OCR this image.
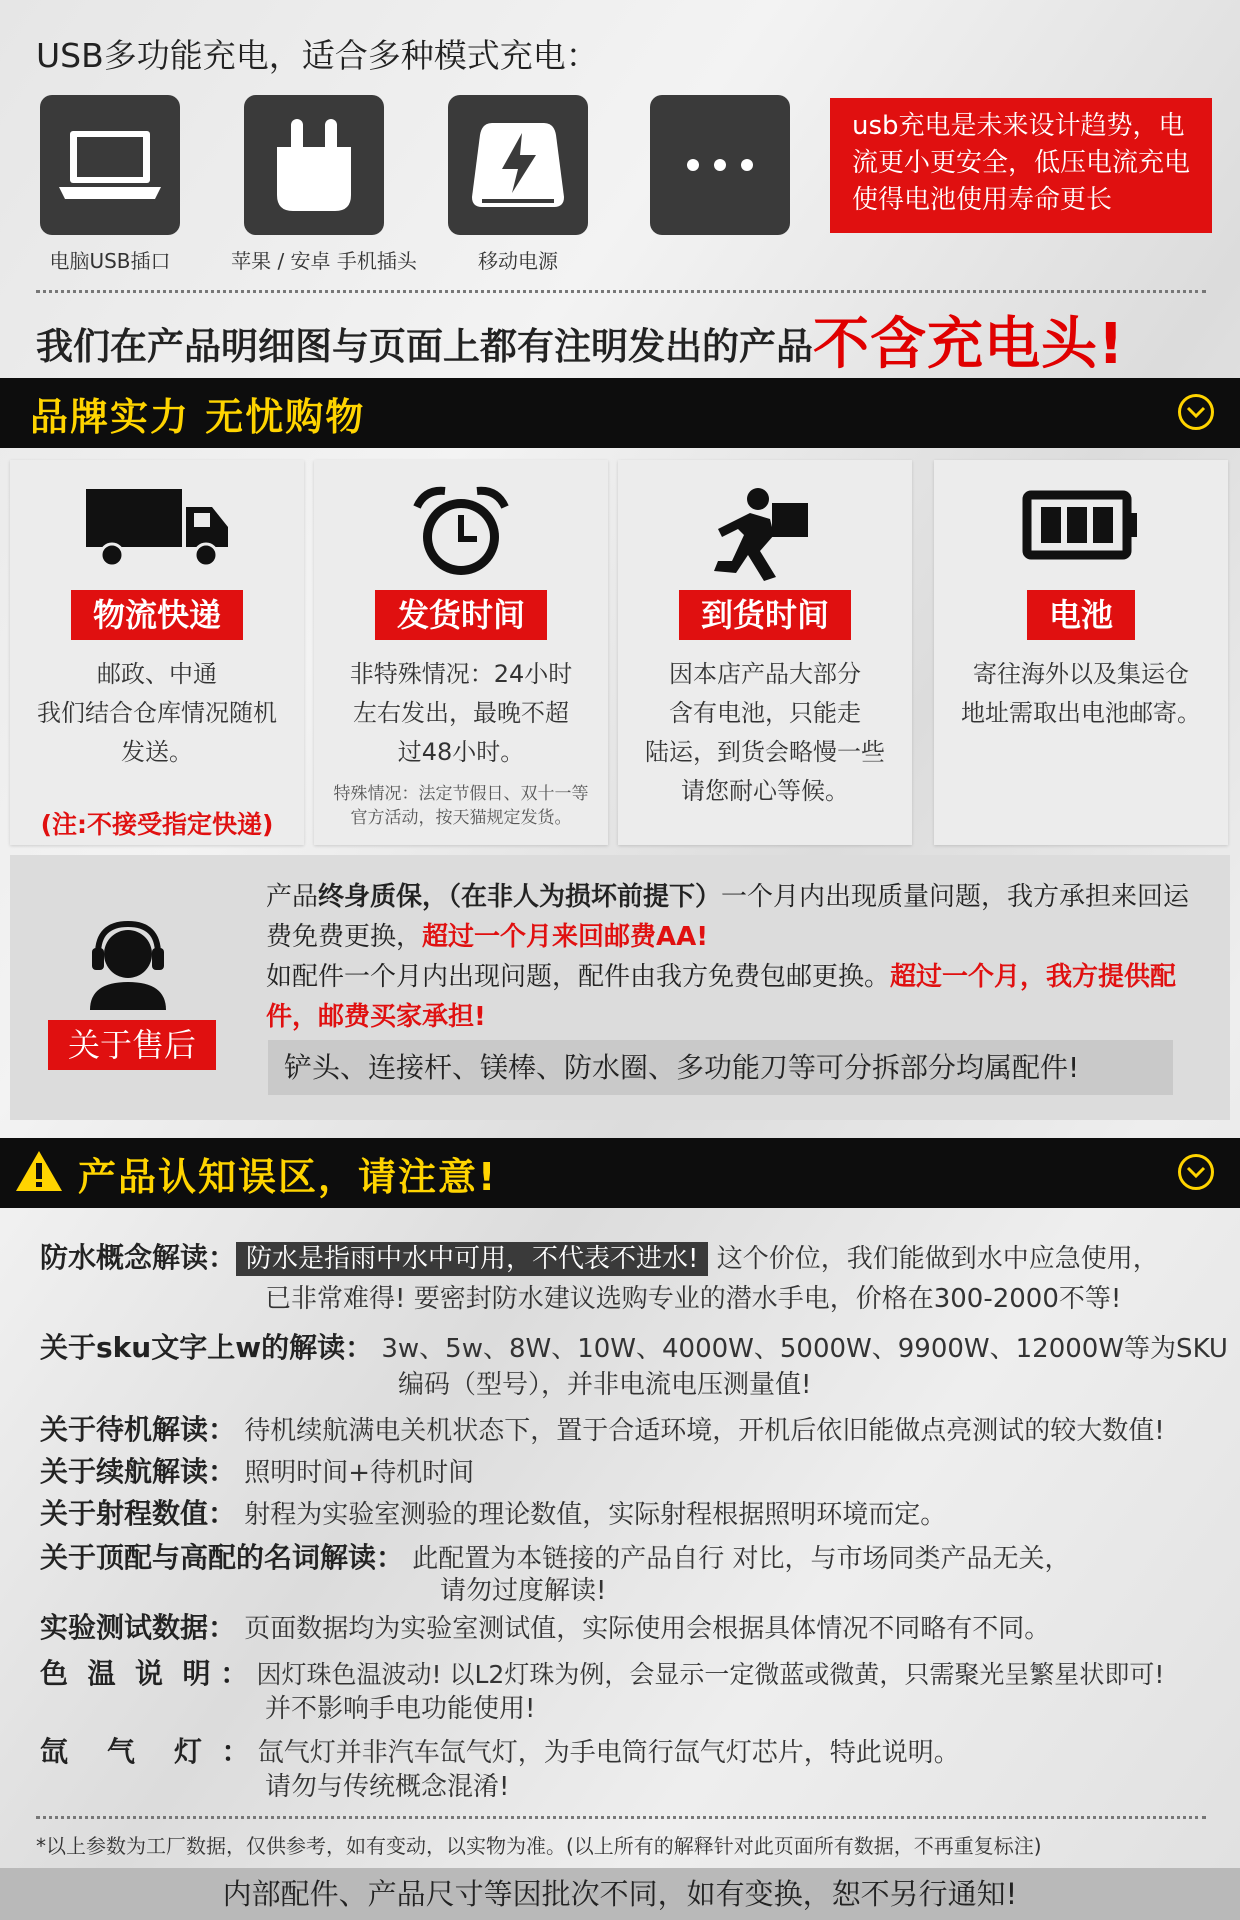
USB多功能充电，适合多种模式充电：
电脑USB插口	苹果 / 安卓 手机插头	移动电源
usb充电是未来设计趋势，电流更小更安全，低压电流充电使得电池使用寿命更长
我们在产品明细图与页面上都有注明发出的产品不含充电头!
品牌实力 无忧购物
物流快递
邮政、中通
我们结合仓库情况随机
发送。
(注:不接受指定快递)
发货时间
非特殊情况：24小时
左右发出，最晚不超
过48小时。
特殊情况：法定节假日、双十一等
官方活动，按天猫规定发货。
到货时间
因本店产品大部分
含有电池，只能走
陆运，到货会略慢一些
请您耐心等候。
电池
寄往海外以及集运仓
地址需取出电池邮寄。
关于售后
产品终身质保，（在非人为损坏前提下）一个月内出现质量问题，我方承担来回运费免费更换，超过一个月来回邮费AA!
如配件一个月内出现问题，配件由我方免费包邮更换。超过一个月，我方提供配件，邮费买家承担!
铲头、连接杆、镁棒、防水圈、多功能刀等可分拆部分均属配件!
产品认知误区，请注意!
防水概念解读： 防水是指雨中水中可用，不代表不进水! 这个价位，我们能做到水中应急使用，
已非常难得! 要密封防水建议选购专业的潜水手电，价格在300-2000不等!
关于sku文字上w的解读： 3w、5w、8W、10W、4000W、5000W、9900W、12000W等为SKU
编码（型号），并非电流电压测量值!
关于待机解读： 待机续航满电关机状态下，置于合适环境，开机后依旧能做点亮测试的较大数值!
关于续航解读： 照明时间+待机时间
关于射程数值： 射程为实验室测验的理论数值，实际射程根据照明环境而定。
关于顶配与高配的名词解读： 此配置为本链接的产品自行 对比，与市场同类产品无关，
请勿过度解读!
实验测试数据： 页面数据均为实验室测试值，实际使用会根据具体情况不同略有不同。
色  温  说  明 ： 因灯珠色温波动! 以L2灯珠为例，会显示一定微蓝或微黄，只需聚光呈繁星状即可!
并不影响手电功能使用!
氙    气    灯  ： 氙气灯并非汽车氙气灯，为手电筒行氙气灯芯片，特此说明。
请勿与传统概念混淆!
*以上参数为工厂数据，仅供参考，如有变动，以实物为准。(以上所有的解释针对此页面所有数据，不再重复标注)
内部配件、产品尺寸等因批次不同，如有变换，恕不另行通知!
